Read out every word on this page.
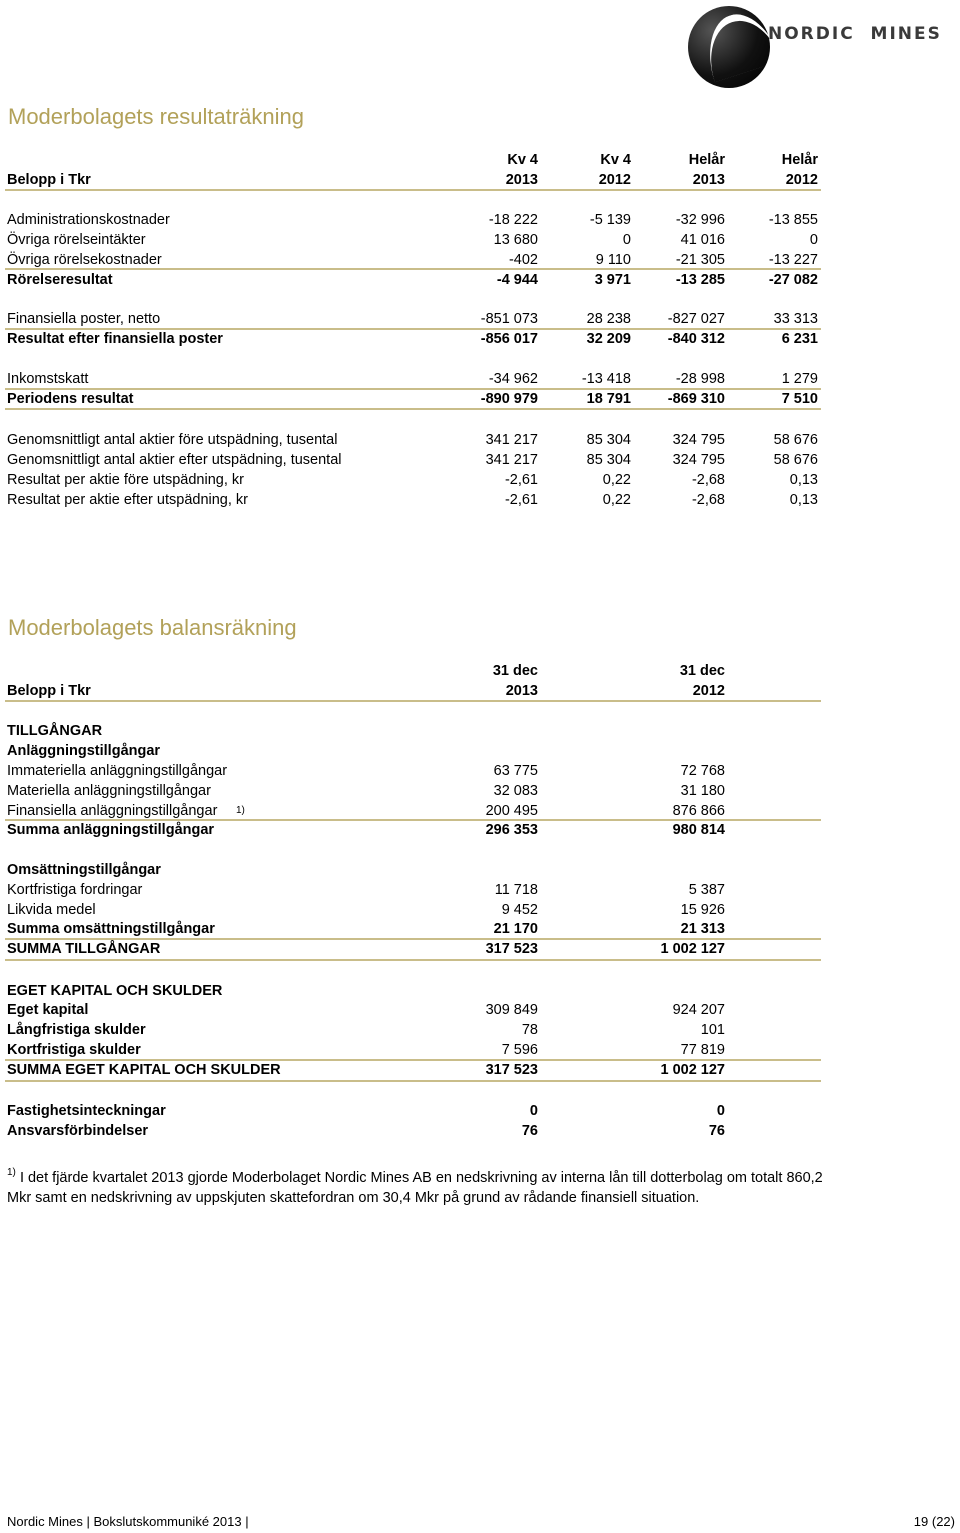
NORDIC MINES
Moderbolagets resultaträkning
Kv 4	Kv 4	Helår	Helår
Belopp i Tkr	2013	2012	2013	2012
Administrationskostnader	-18 222	-5 139	-32 996	-13 855
Övriga rörelseintäkter	13 680	0	41 016	0
Övriga rörelsekostnader	-402	9 110	-21 305	-13 227
Rörelseresultat	-4 944	3 971	-13 285	-27 082
Finansiella poster, netto	-851 073	28 238	-827 027	33 313
Resultat efter finansiella poster	-856 017	32 209	-840 312	6 231
Inkomstskatt	-34 962	-13 418	-28 998	1 279
Periodens resultat	-890 979	18 791	-869 310	7 510
Genomsnittligt antal aktier före utspädning, tusental	341 217	85 304	324 795	58 676
Genomsnittligt antal aktier efter utspädning, tusental	341 217	85 304	324 795	58 676
Resultat per aktie före utspädning, kr	-2,61	0,22	-2,68	0,13
Resultat per aktie efter utspädning, kr	-2,61	0,22	-2,68	0,13
Moderbolagets balansräkning
31 dec	31 dec
Belopp i Tkr	2013	2012
TILLGÅNGAR
Anläggningstillgångar
Immateriella anläggningstillgångar	63 775	72 768
Materiella anläggningstillgångar	32 083	31 180
Finansiella anläggningstillgångar 1)	200 495	876 866
Summa anläggningstillgångar	296 353	980 814
Omsättningstillgångar
Kortfristiga fordringar	11 718	5 387
Likvida medel	9 452	15 926
Summa omsättningstillgångar	21 170	21 313
SUMMA TILLGÅNGAR	317 523	1 002 127
EGET KAPITAL OCH SKULDER
Eget kapital	309 849	924 207
Långfristiga skulder	78	101
Kortfristiga skulder	7 596	77 819
SUMMA EGET KAPITAL OCH SKULDER	317 523	1 002 127
Fastighetsinteckningar	0	0
Ansvarsförbindelser	76	76
$^{1)}$ I det fjärde kvartalet 2013 gjorde Moderbolaget Nordic Mines AB en nedskrivning av interna lån till dotterbolag om totalt 860,2 Mkr samt en nedskrivning av uppskjuten skattefordran om 30,4 Mkr på grund av rådande finansiell situation.
Nordic Mines | Bokslutskommuniké 2013 |	19 (22)
